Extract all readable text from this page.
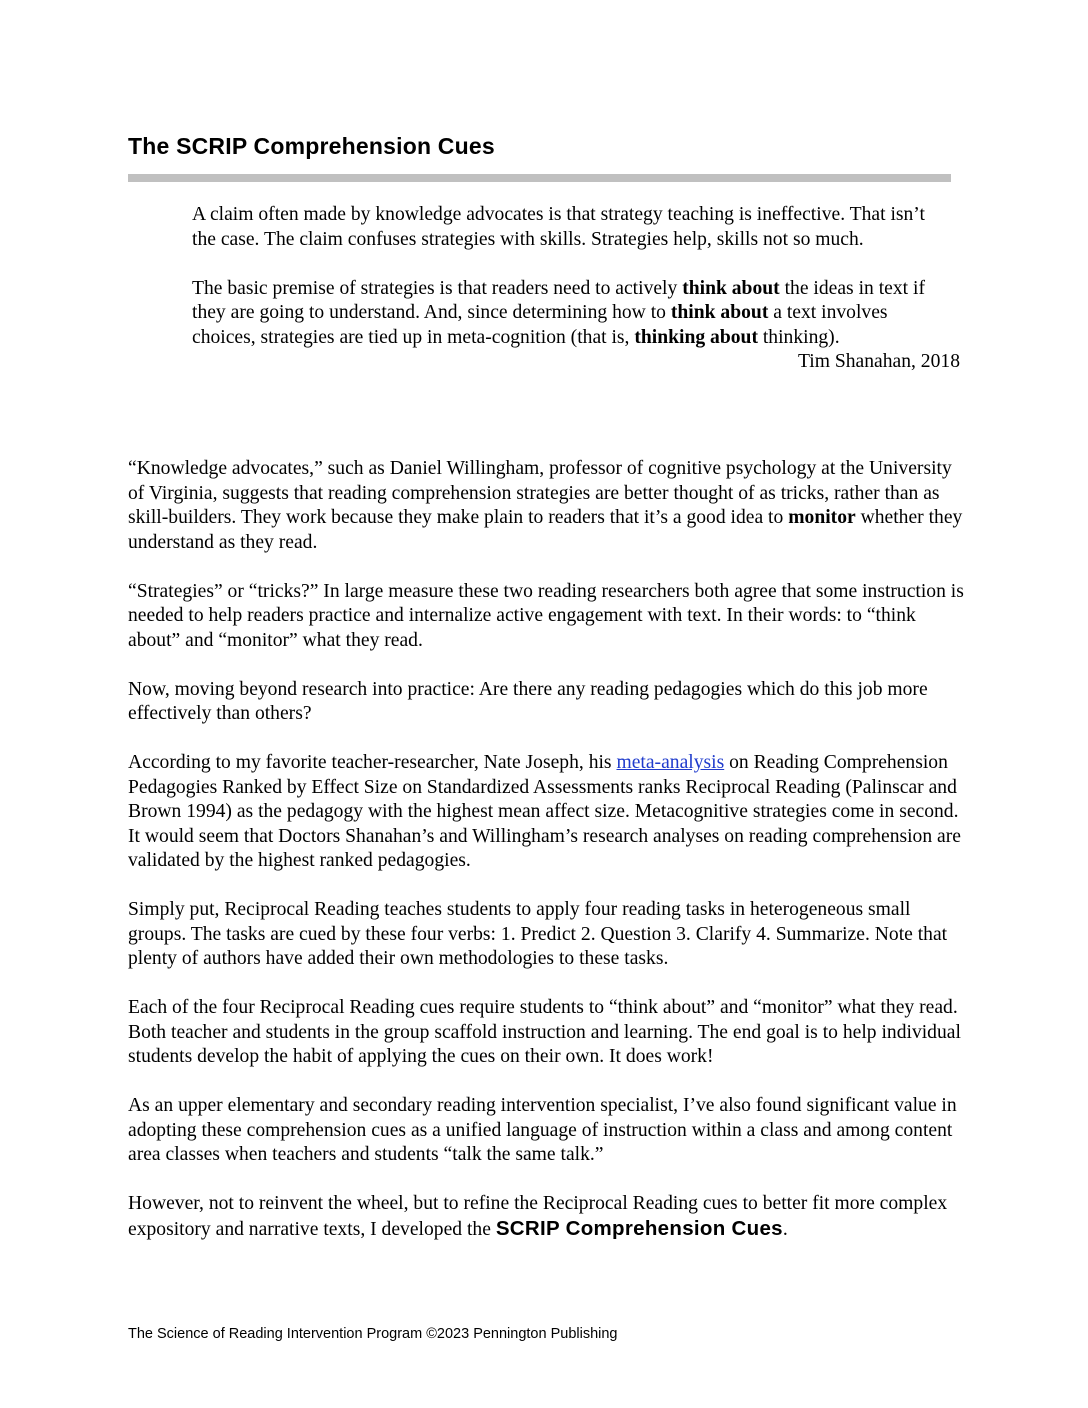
The SCRIP Comprehension Cues

A claim often made by knowledge advocates is that strategy teaching is ineffective. That isn’t the case. The claim confuses strategies with skills. Strategies help, skills not so much.

The basic premise of strategies is that readers need to actively think about the ideas in text if they are going to understand. And, since determining how to think about a text involves choices, strategies are tied up in meta-cognition (that is, thinking about thinking).

Tim Shanahan, 2018

“Knowledge advocates,” such as Daniel Willingham, professor of cognitive psychology at the University of Virginia, suggests that reading comprehension strategies are better thought of as tricks, rather than as skill-builders. They work because they make plain to readers that it’s a good idea to monitor whether they understand as they read.

“Strategies” or “tricks?” In large measure these two reading researchers both agree that some instruction is needed to help readers practice and internalize active engagement with text. In their words: to “think about” and “monitor” what they read.

Now, moving beyond research into practice: Are there any reading pedagogies which do this job more effectively than others?

According to my favorite teacher-researcher, Nate Joseph, his meta-analysis on Reading Comprehension Pedagogies Ranked by Effect Size on Standardized Assessments ranks Reciprocal Reading (Palinscar and Brown 1994) as the pedagogy with the highest mean affect size. Metacognitive strategies come in second. It would seem that Doctors Shanahan’s and Willingham’s research analyses on reading comprehension are validated by the highest ranked pedagogies.

Simply put, Reciprocal Reading teaches students to apply four reading tasks in heterogeneous small groups. The tasks are cued by these four verbs: 1. Predict 2. Question 3. Clarify 4. Summarize. Note that plenty of authors have added their own methodologies to these tasks.

Each of the four Reciprocal Reading cues require students to “think about” and “monitor” what they read. Both teacher and students in the group scaffold instruction and learning. The end goal is to help individual students develop the habit of applying the cues on their own. It does work!

As an upper elementary and secondary reading intervention specialist, I’ve also found significant value in adopting these comprehension cues as a unified language of instruction within a class and among content area classes when teachers and students “talk the same talk.”

However, not to reinvent the wheel, but to refine the Reciprocal Reading cues to better fit more complex expository and narrative texts, I developed the SCRIP Comprehension Cues.

The Science of Reading Intervention Program ©2023 Pennington Publishing
